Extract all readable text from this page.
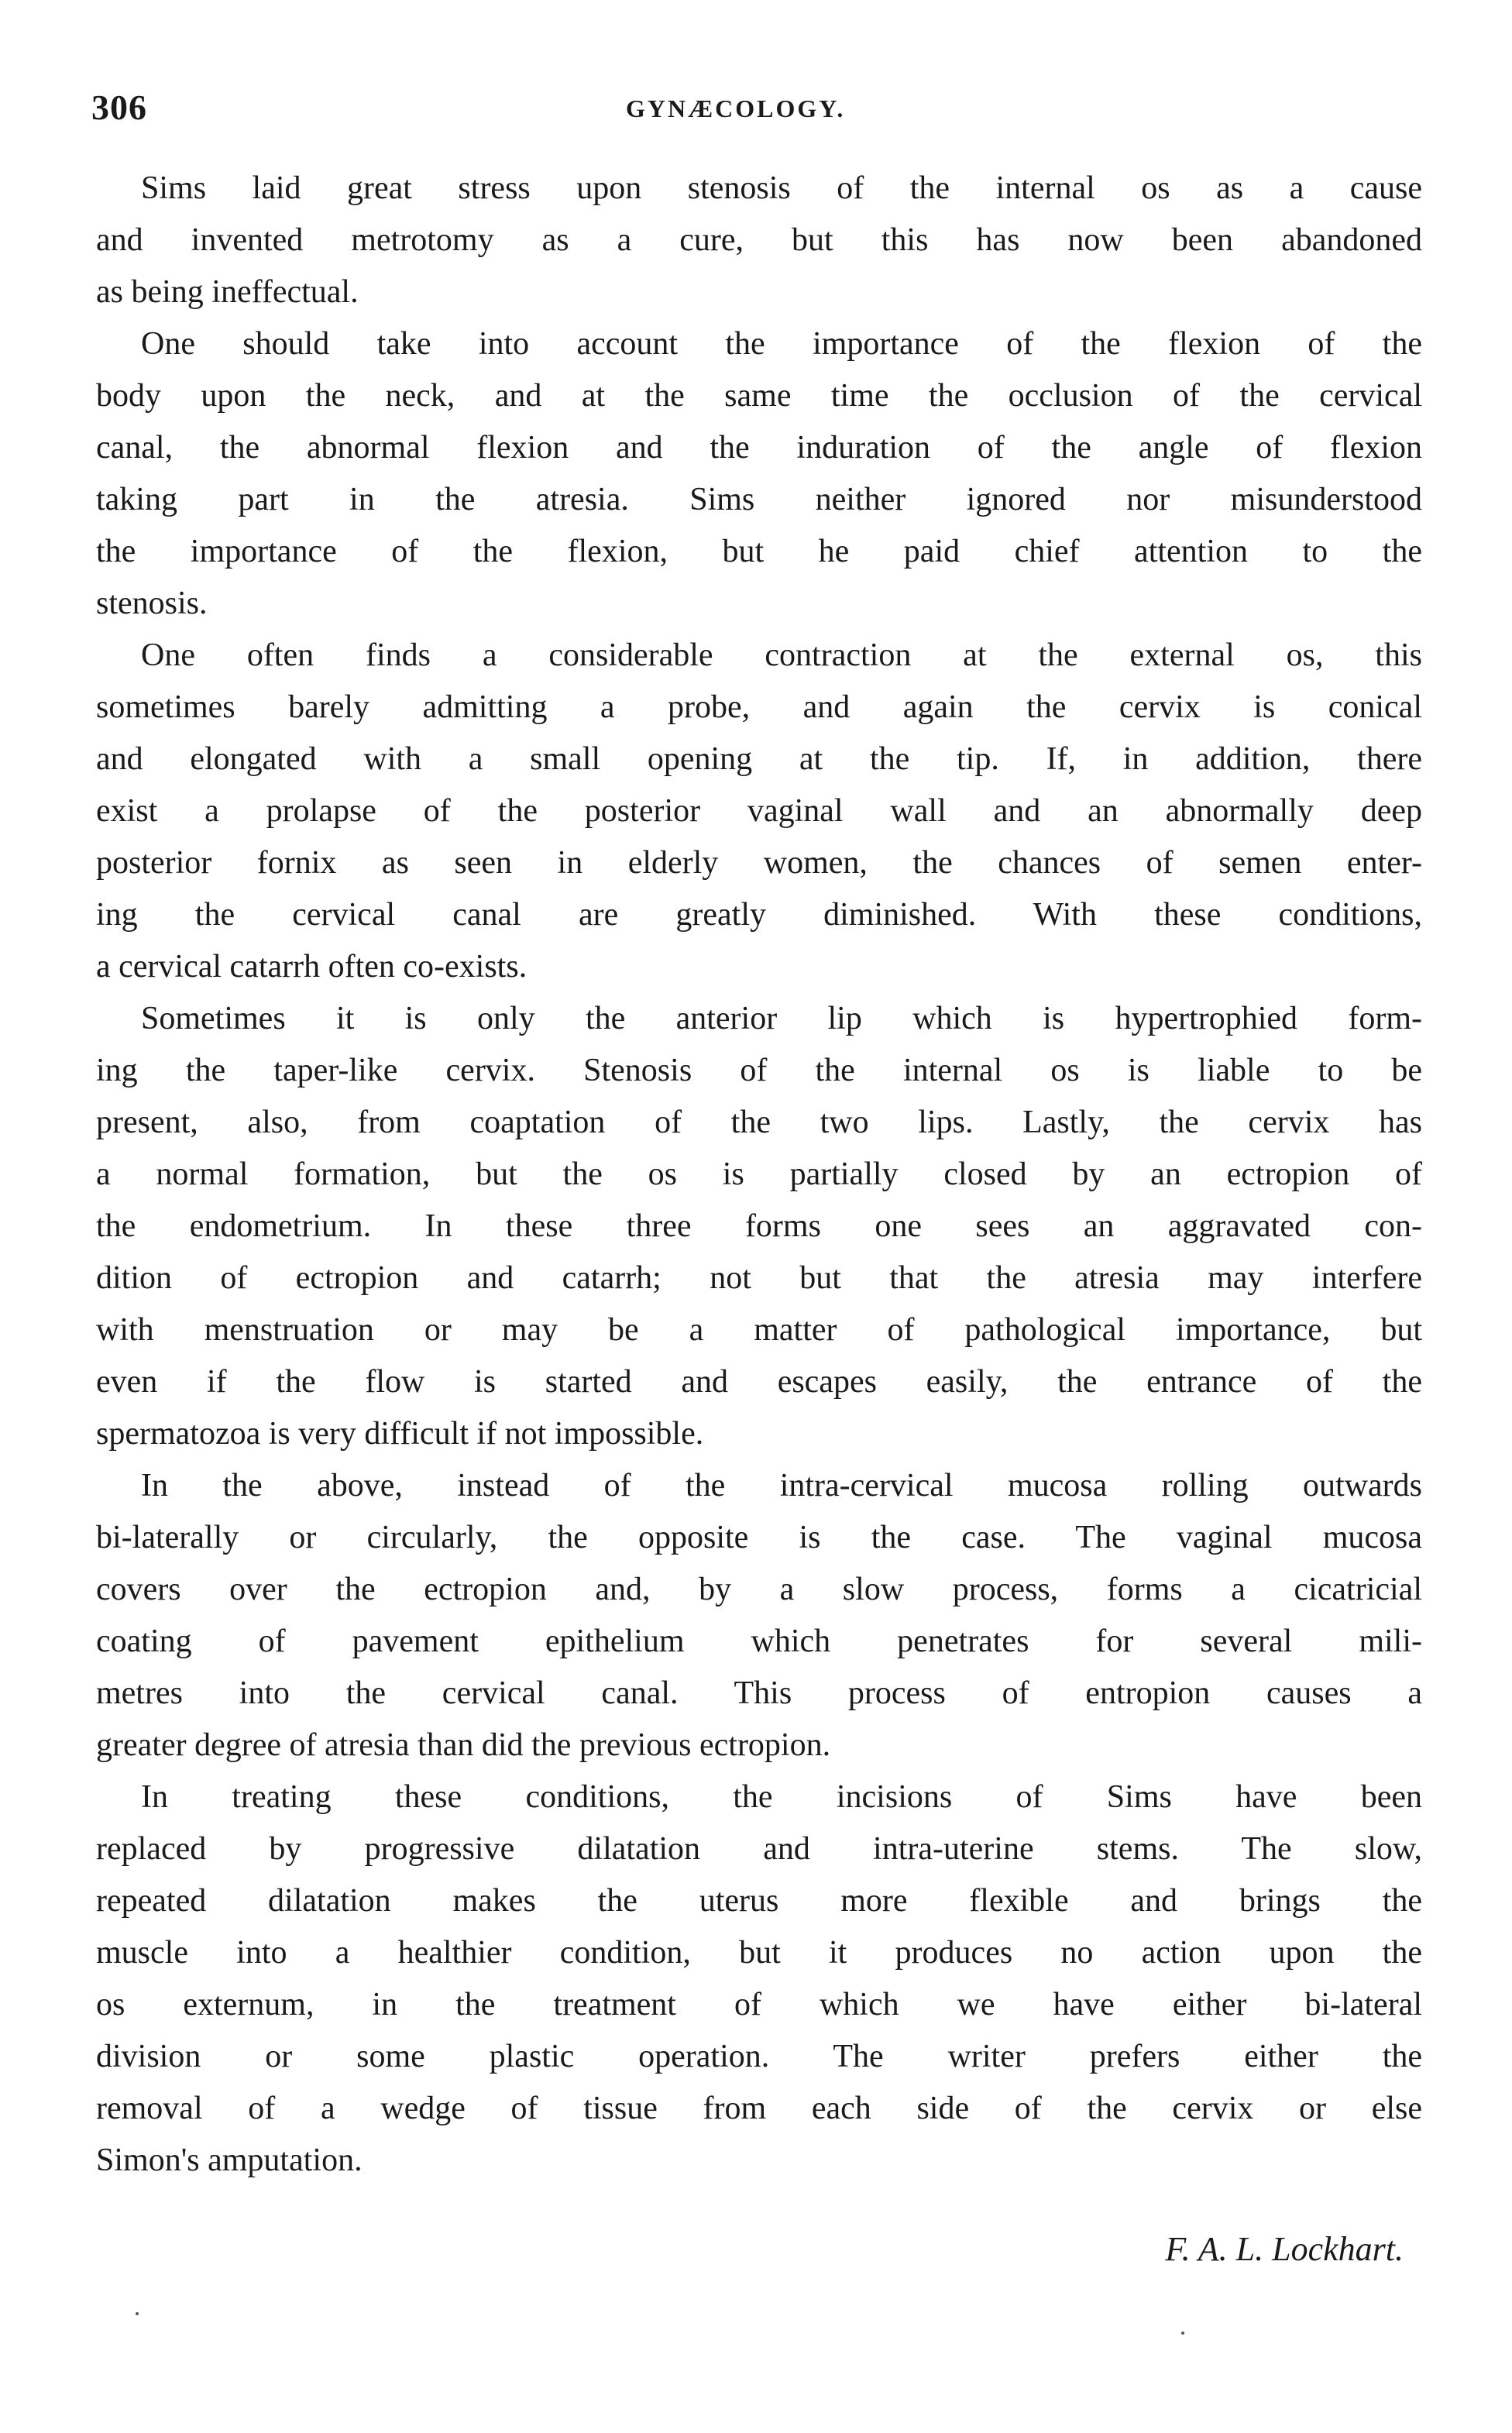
306	GYNÆCOLOGY.
Sims laid great stress upon stenosis of the internal os as a cause
and invented metrotomy as a cure, but this has now been abandoned
as being ineffectual.
One should take into account the importance of the flexion of the
body upon the neck, and at the same time the occlusion of the cervical
canal, the abnormal flexion and the induration of the angle of flexion
taking part in the atresia. Sims neither ignored nor misunderstood
the importance of the flexion, but he paid chief attention to the
stenosis.
One often finds a considerable contraction at the external os, this
sometimes barely admitting a probe, and again the cervix is conical
and elongated with a small opening at the tip. If, in addition, there
exist a prolapse of the posterior vaginal wall and an abnormally deep
posterior fornix as seen in elderly women, the chances of semen enter-
ing the cervical canal are greatly diminished. With these conditions,
a cervical catarrh often co-exists.
Sometimes it is only the anterior lip which is hypertrophied form-
ing the taper-like cervix. Stenosis of the internal os is liable to be
present, also, from coaptation of the two lips. Lastly, the cervix has
a normal formation, but the os is partially closed by an ectropion of
the endometrium. In these three forms one sees an aggravated con-
dition of ectropion and catarrh; not but that the atresia may interfere
with menstruation or may be a matter of pathological importance, but
even if the flow is started and escapes easily, the entrance of the
spermatozoa is very difficult if not impossible.
In the above, instead of the intra-cervical mucosa rolling outwards
bi-laterally or circularly, the opposite is the case. The vaginal mucosa
covers over the ectropion and, by a slow process, forms a cicatricial
coating of pavement epithelium which penetrates for several mili-
metres into the cervical canal. This process of entropion causes a
greater degree of atresia than did the previous ectropion.
In treating these conditions, the incisions of Sims have been
replaced by progressive dilatation and intra-uterine stems. The slow,
repeated dilatation makes the uterus more flexible and brings the
muscle into a healthier condition, but it produces no action upon the
os externum, in the treatment of which we have either bi-lateral
division or some plastic operation. The writer prefers either the
removal of a wedge of tissue from each side of the cervix or else
Simon's amputation.
F. A. L. Lockhart.
